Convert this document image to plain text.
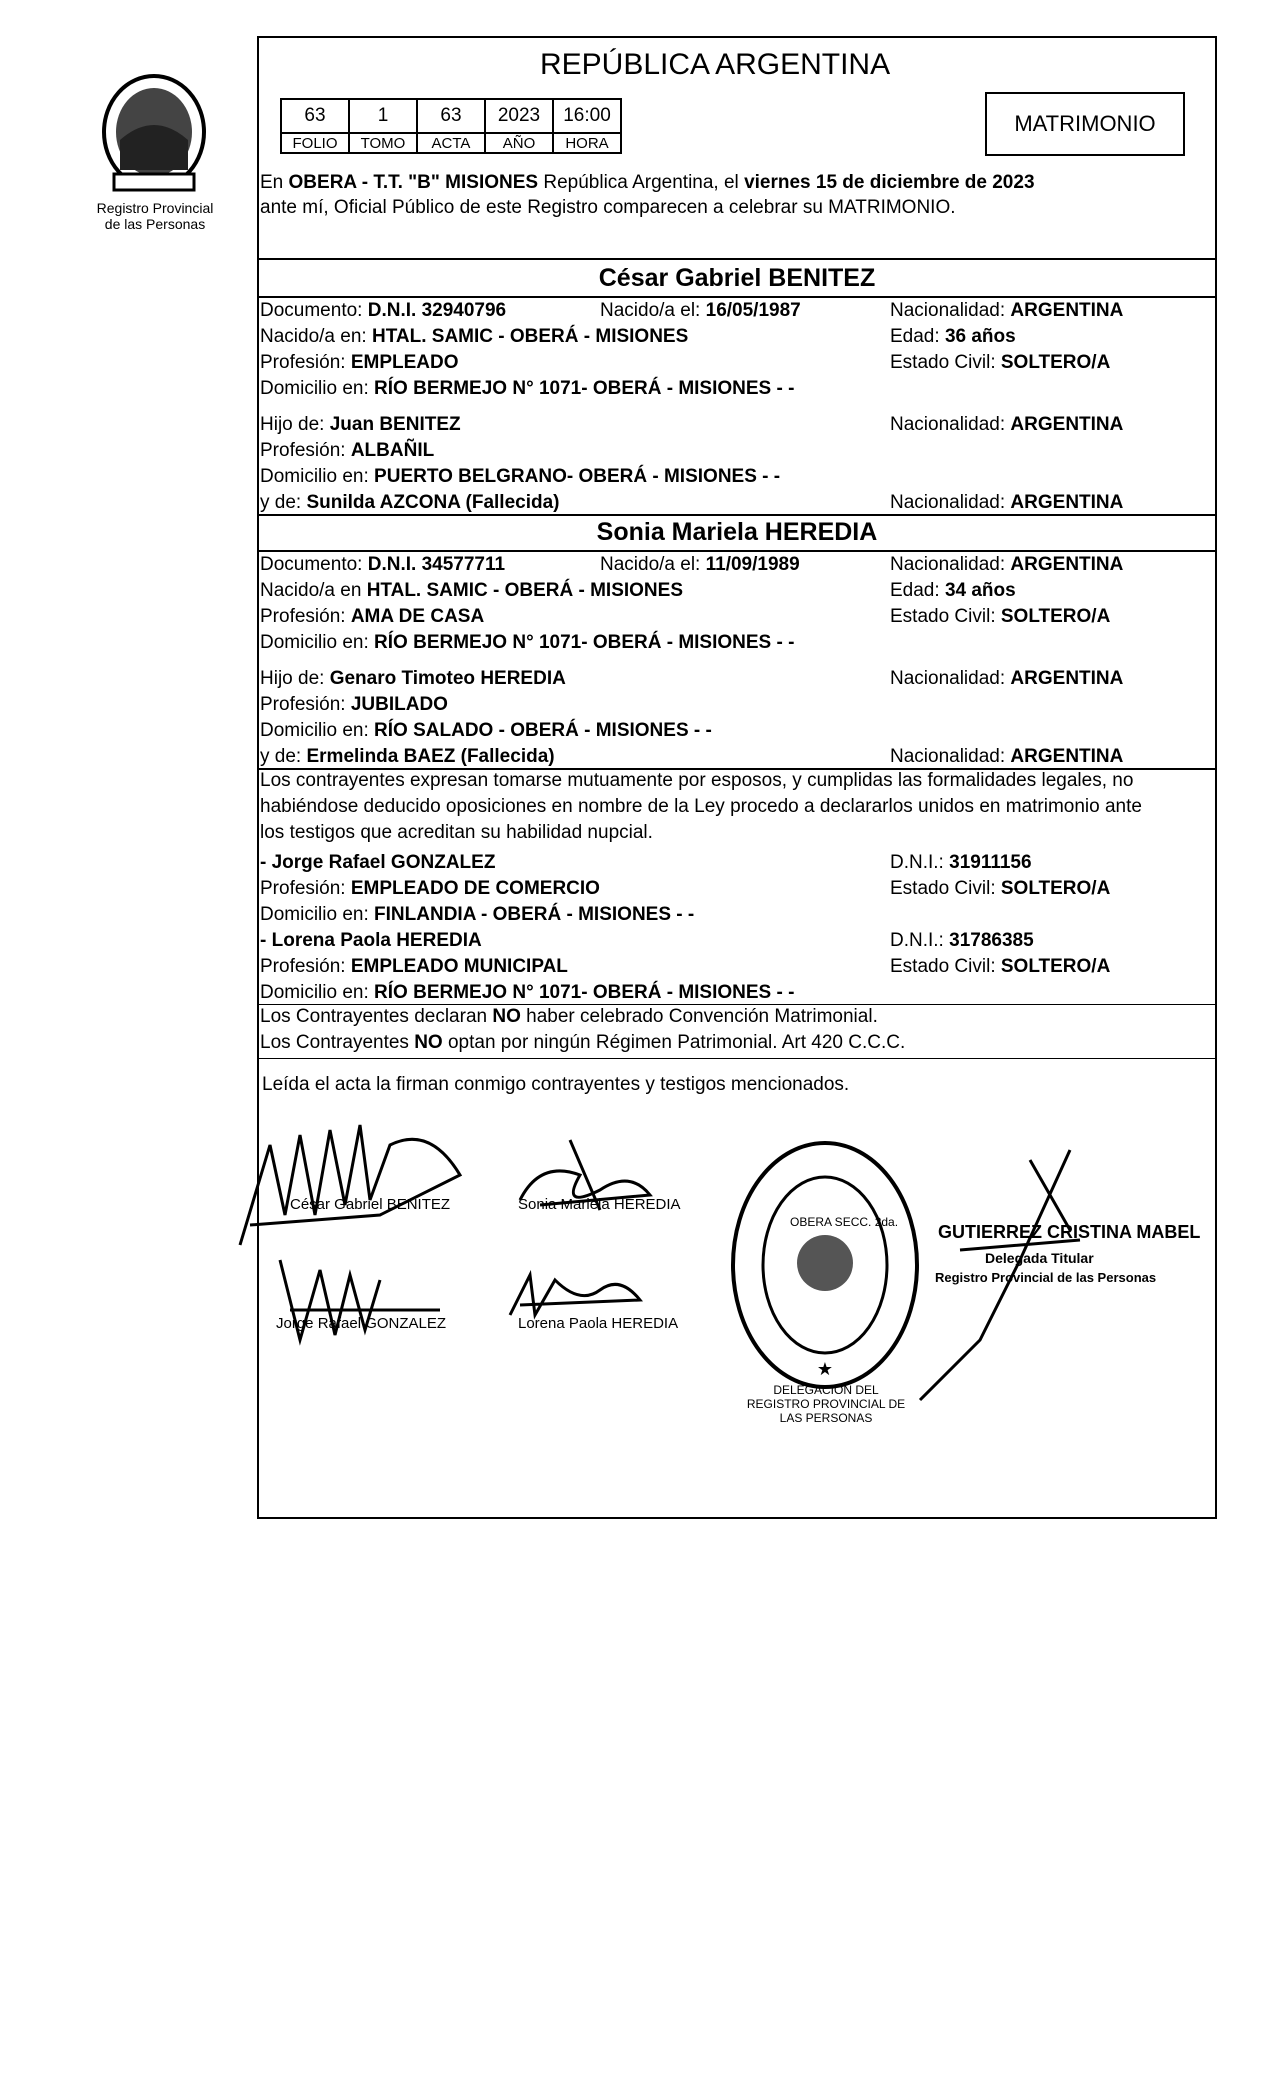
Registro Provincial
de las Personas
REPÚBLICA ARGENTINA
63	1	63	2023	16:00
FOLIO	TOMO	ACTA	AÑO	HORA
MATRIMONIO
En OBERA - T.T. "B" MISIONES República Argentina, el viernes 15 de diciembre de 2023
ante mí, Oficial Público de este Registro comparecen a celebrar su MATRIMONIO.
César Gabriel BENITEZ
Documento: D.N.I. 32940796	Nacido/a el: 16/05/1987	Nacionalidad: ARGENTINA
Nacido/a en: HTAL. SAMIC - OBERÁ - MISIONES	Edad: 36 años
Profesión: EMPLEADO	Estado Civil: SOLTERO/A
Domicilio en: RÍO BERMEJO N° 1071- OBERÁ - MISIONES - -
Hijo de: Juan BENITEZ	Nacionalidad: ARGENTINA
Profesión: ALBAÑIL
Domicilio en: PUERTO BELGRANO- OBERÁ - MISIONES - -
y de: Sunilda AZCONA (Fallecida)	Nacionalidad: ARGENTINA
Sonia Mariela HEREDIA
Documento: D.N.I. 34577711	Nacido/a el: 11/09/1989	Nacionalidad: ARGENTINA
Nacido/a en HTAL. SAMIC - OBERÁ - MISIONES	Edad: 34 años
Profesión: AMA DE CASA	Estado Civil: SOLTERO/A
Domicilio en: RÍO BERMEJO N° 1071- OBERÁ - MISIONES - -
Hijo de: Genaro Timoteo HEREDIA	Nacionalidad: ARGENTINA
Profesión: JUBILADO
Domicilio en: RÍO SALADO - OBERÁ - MISIONES - -
y de: Ermelinda BAEZ (Fallecida)	Nacionalidad: ARGENTINA
Los contrayentes expresan tomarse mutuamente por esposos, y cumplidas las formalidades legales, no
habiéndose deducido oposiciones en nombre de la Ley procedo a declararlos unidos en matrimonio ante
los testigos que acreditan su habilidad nupcial.
- Jorge Rafael GONZALEZ	D.N.I.: 31911156
Profesión: EMPLEADO DE COMERCIO	Estado Civil: SOLTERO/A
Domicilio en: FINLANDIA - OBERÁ - MISIONES - -
- Lorena Paola HEREDIA	D.N.I.: 31786385
Profesión: EMPLEADO MUNICIPAL	Estado Civil: SOLTERO/A
Domicilio en: RÍO BERMEJO N° 1071- OBERÁ - MISIONES - -
Los Contrayentes declaran NO haber celebrado Convención Matrimonial.
Los Contrayentes NO optan por ningún Régimen Patrimonial. Art 420 C.C.C.
Leída el acta la firman conmigo contrayentes y testigos mencionados.
César Gabriel BENITEZ	Sonia Mariela HEREDIA
Jorge Rafael GONZALEZ	Lorena Paola HEREDIA
★
DELEGACION DEL REGISTRO PROVINCIAL DE LAS PERSONAS
OBERA SECC. 2da. GUTIERREZ CRISTINA MABEL
Delegada Titular
Registro Provincial de las Personas
